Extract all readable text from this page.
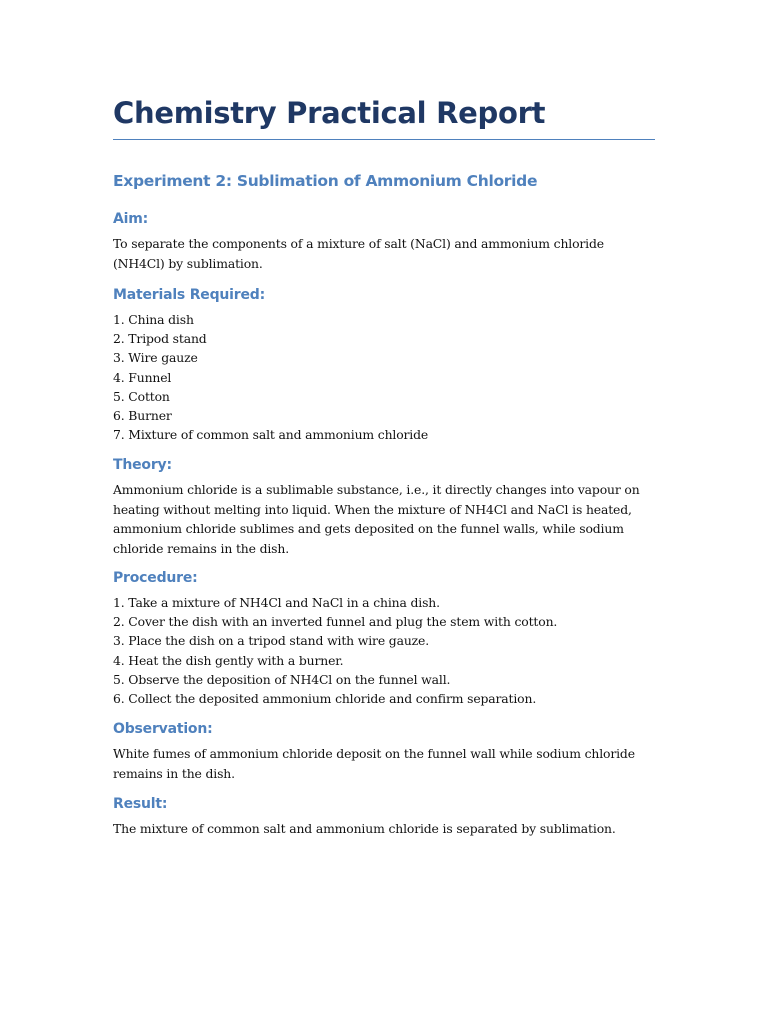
Chemistry Practical Report
Experiment 2: Sublimation of Ammonium Chloride
Aim:

To separate the components of a mixture of salt (NaCl) and ammonium chloride (NH4Cl) by sublimation.

Materials Required:
1. China dish
2. Tripod stand
3. Wire gauze
4. Funnel
5. Cotton
6. Burner
7. Mixture of common salt and ammonium chloride
Theory:

Ammonium chloride is a sublimable substance, i.e., it directly changes into vapour on heating without melting into liquid. When the mixture of NH4Cl and NaCl is heated, ammonium chloride sublimes and gets deposited on the funnel walls, while sodium chloride remains in the dish.

Procedure:
1. Take a mixture of NH4Cl and NaCl in a china dish.
2. Cover the dish with an inverted funnel and plug the stem with cotton.
3. Place the dish on a tripod stand with wire gauze.
4. Heat the dish gently with a burner.
5. Observe the deposition of NH4Cl on the funnel wall.
6. Collect the deposited ammonium chloride and confirm separation.
Observation:

White fumes of ammonium chloride deposit on the funnel wall while sodium chloride remains in the dish.

Result:

The mixture of common salt and ammonium chloride is separated by sublimation.
